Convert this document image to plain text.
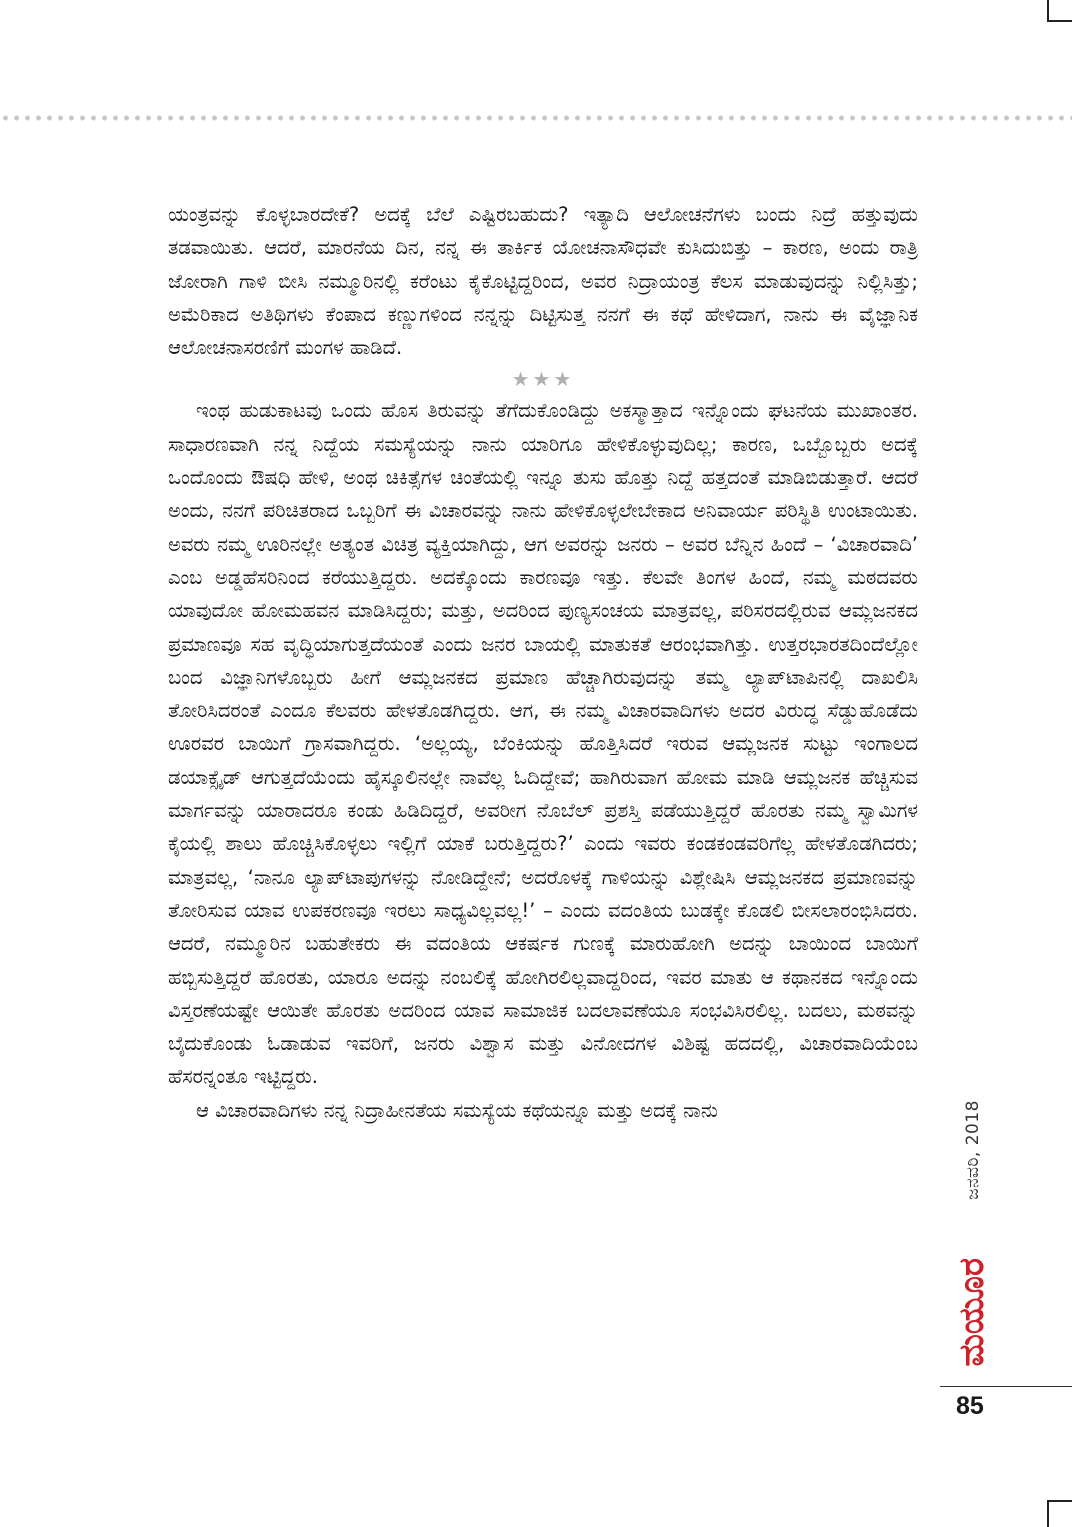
ಯಂತ್ರವನ್ನು ಕೊಳ್ಳಬಾರದೇಕೆ? ಅದಕ್ಕೆ ಬೆಲೆ ಎಷ್ಟಿರಬಹುದು? ಇತ್ಯಾದಿ ಆಲೋಚನೆಗಳು ಬಂದು ನಿದ್ರೆ ಹತ್ತುವುದು ತಡವಾಯಿತು. ಆದರೆ, ಮಾರನೆಯ ದಿನ, ನನ್ನ ಈ ತಾರ್ಕಿಕ ಯೋಚನಾಸೌಧವೇ ಕುಸಿದುಬಿತ್ತು – ಕಾರಣ, ಅಂದು ರಾತ್ರಿ ಜೋರಾಗಿ ಗಾಳಿ ಬೀಸಿ ನಮ್ಮೂರಿನಲ್ಲಿ ಕರೆಂಟು ಕೈಕೊಟ್ಟಿದ್ದರಿಂದ, ಅವರ ನಿದ್ರಾಯಂತ್ರ ಕೆಲಸ ಮಾಡುವುದನ್ನು ನಿಲ್ಲಿಸಿತ್ತು; ಅಮೆರಿಕಾದ ಅತಿಥಿಗಳು ಕೆಂಪಾದ ಕಣ್ಣುಗಳಿಂದ ನನ್ನನ್ನು ದಿಟ್ಟಿಸುತ್ತ ನನಗೆ ಈ ಕಥೆ ಹೇಳಿದಾಗ, ನಾನು ಈ ವೈಜ್ಞಾನಿಕ ಆಲೋಚನಾಸರಣಿಗೆ ಮಂಗಳ ಹಾಡಿದೆ.

★★★

ಇಂಥ ಹುಡುಕಾಟವು ಒಂದು ಹೊಸ ತಿರುವನ್ನು ತೆಗೆದುಕೊಂಡಿದ್ದು ಅಕಸ್ಮಾತ್ತಾದ ಇನ್ನೊಂದು ಘಟನೆಯ ಮುಖಾಂತರ. ಸಾಧಾರಣವಾಗಿ ನನ್ನ ನಿದ್ದೆಯ ಸಮಸ್ಯೆಯನ್ನು ನಾನು ಯಾರಿಗೂ ಹೇಳಿಕೊಳ್ಳುವುದಿಲ್ಲ; ಕಾರಣ, ಒಬ್ಬೊಬ್ಬರು ಅದಕ್ಕೆ ಒಂದೊಂದು ಔಷಧಿ ಹೇಳಿ, ಅಂಥ ಚಿಕಿತ್ಸೆಗಳ ಚಿಂತೆಯಲ್ಲಿ ಇನ್ನೂ ತುಸು ಹೊತ್ತು ನಿದ್ದೆ ಹತ್ತದಂತೆ ಮಾಡಿಬಿಡುತ್ತಾರೆ. ಆದರೆ ಅಂದು, ನನಗೆ ಪರಿಚಿತರಾದ ಒಬ್ಬರಿಗೆ ಈ ವಿಚಾರವನ್ನು ನಾನು ಹೇಳಿಕೊಳ್ಳಲೇಬೇಕಾದ ಅನಿವಾರ್ಯ ಪರಿಸ್ಥಿತಿ ಉಂಟಾಯಿತು. ಅವರು ನಮ್ಮ ಊರಿನಲ್ಲೇ ಅತ್ಯಂತ ವಿಚಿತ್ರ ವ್ಯಕ್ತಿಯಾಗಿದ್ದು, ಆಗ ಅವರನ್ನು ಜನರು – ಅವರ ಬೆನ್ನಿನ ಹಿಂದೆ – ‘ವಿಚಾರವಾದಿ’ ಎಂಬ ಅಡ್ಡಹೆಸರಿನಿಂದ ಕರೆಯುತ್ತಿದ್ದರು. ಅದಕ್ಕೊಂದು ಕಾರಣವೂ ಇತ್ತು. ಕೆಲವೇ ತಿಂಗಳ ಹಿಂದೆ, ನಮ್ಮ ಮಠದವರು ಯಾವುದೋ ಹೋಮಹವನ ಮಾಡಿಸಿದ್ದರು; ಮತ್ತು, ಅದರಿಂದ ಪುಣ್ಯಸಂಚಯ ಮಾತ್ರವಲ್ಲ, ಪರಿಸರದಲ್ಲಿರುವ ಆಮ್ಲಜನಕದ ಪ್ರಮಾಣವೂ ಸಹ ವೃದ್ಧಿಯಾಗುತ್ತದೆಯಂತೆ ಎಂದು ಜನರ ಬಾಯಲ್ಲಿ ಮಾತುಕತೆ ಆರಂಭವಾಗಿತ್ತು. ಉತ್ತರಭಾರತದಿಂದೆಲ್ಲೋ ಬಂದ ವಿಜ್ಞಾನಿಗಳೊಬ್ಬರು ಹೀಗೆ ಆಮ್ಲಜನಕದ ಪ್ರಮಾಣ ಹೆಚ್ಚಾಗಿರುವುದನ್ನು ತಮ್ಮ ಲ್ಯಾಪ್‌ಟಾಪಿನಲ್ಲಿ ದಾಖಲಿಸಿ ತೋರಿಸಿದರಂತೆ ಎಂದೂ ಕೆಲವರು ಹೇಳತೊಡಗಿದ್ದರು. ಆಗ, ಈ ನಮ್ಮ ವಿಚಾರವಾದಿಗಳು ಅದರ ವಿರುದ್ಧ ಸೆಡ್ಡುಹೊಡೆದು ಊರವರ ಬಾಯಿಗೆ ಗ್ರಾಸವಾಗಿದ್ದರು. ‘ಅಲ್ಲಯ್ಯ, ಬೆಂಕಿಯನ್ನು ಹೊತ್ತಿಸಿದರೆ ಇರುವ ಆಮ್ಲಜನಕ ಸುಟ್ಟು ಇಂಗಾಲದ ಡಯಾಕ್ಸೈಡ್ ಆಗುತ್ತದೆಯೆಂದು ಹೈಸ್ಕೂಲಿನಲ್ಲೇ ನಾವೆಲ್ಲ ಓದಿದ್ದೇವೆ; ಹಾಗಿರುವಾಗ ಹೋಮ ಮಾಡಿ ಆಮ್ಲಜನಕ ಹೆಚ್ಚಿಸುವ ಮಾರ್ಗವನ್ನು ಯಾರಾದರೂ ಕಂಡು ಹಿಡಿದಿದ್ದರೆ, ಅವರೀಗ ನೊಬೆಲ್ ಪ್ರಶಸ್ತಿ ಪಡೆಯುತ್ತಿದ್ದರೆ ಹೊರತು ನಮ್ಮ ಸ್ವಾಮಿಗಳ ಕೈಯಲ್ಲಿ ಶಾಲು ಹೊಚ್ಚಿಸಿಕೊಳ್ಳಲು ಇಲ್ಲಿಗೆ ಯಾಕೆ ಬರುತ್ತಿದ್ದರು?’ ಎಂದು ಇವರು ಕಂಡಕಂಡವರಿಗೆಲ್ಲ ಹೇಳತೊಡಗಿದರು; ಮಾತ್ರವಲ್ಲ, ‘ನಾನೂ ಲ್ಯಾಪ್‌ಟಾಪುಗಳನ್ನು ನೋಡಿದ್ದೇನೆ; ಅದರೊಳಕ್ಕೆ ಗಾಳಿಯನ್ನು ವಿಶ್ಲೇಷಿಸಿ ಆಮ್ಲಜನಕದ ಪ್ರಮಾಣವನ್ನು ತೋರಿಸುವ ಯಾವ ಉಪಕರಣವೂ ಇರಲು ಸಾಧ್ಯವಿಲ್ಲವಲ್ಲ!’ – ಎಂದು ವದಂತಿಯ ಬುಡಕ್ಕೇ ಕೊಡಲಿ ಬೀಸಲಾರಂಭಿಸಿದರು. ಆದರೆ, ನಮ್ಮೂರಿನ ಬಹುತೇಕರು ಈ ವದಂತಿಯ ಆಕರ್ಷಕ ಗುಣಕ್ಕೆ ಮಾರುಹೋಗಿ ಅದನ್ನು ಬಾಯಿಂದ ಬಾಯಿಗೆ ಹಬ್ಬಿಸುತ್ತಿದ್ದರೆ ಹೊರತು, ಯಾರೂ ಅದನ್ನು ನಂಬಲಿಕ್ಕೆ ಹೋಗಿರಲಿಲ್ಲವಾದ್ದರಿಂದ, ಇವರ ಮಾತು ಆ ಕಥಾನಕದ ಇನ್ನೊಂದು ವಿಸ್ತರಣೆಯಷ್ಟೇ ಆಯಿತೇ ಹೊರತು ಅದರಿಂದ ಯಾವ ಸಾಮಾಜಿಕ ಬದಲಾವಣೆಯೂ ಸಂಭವಿಸಿರಲಿಲ್ಲ. ಬದಲು, ಮಠವನ್ನು ಬೈದುಕೊಂಡು ಓಡಾಡುವ ಇವರಿಗೆ, ಜನರು ವಿಶ್ವಾಸ ಮತ್ತು ವಿನೋದಗಳ ವಿಶಿಷ್ಟ ಹದದಲ್ಲಿ, ವಿಚಾರವಾದಿಯೆಂಬ ಹೆಸರನ್ನಂತೂ ಇಟ್ಟಿದ್ದರು.

ಆ ವಿಚಾರವಾದಿಗಳು ನನ್ನ ನಿದ್ರಾಹೀನತೆಯ ಸಮಸ್ಯೆಯ ಕಥೆಯನ್ನೂ ಮತ್ತು ಅದಕ್ಕೆ ನಾನು	ಜನವರಿ, 2018
ಮಯೂರ
85
